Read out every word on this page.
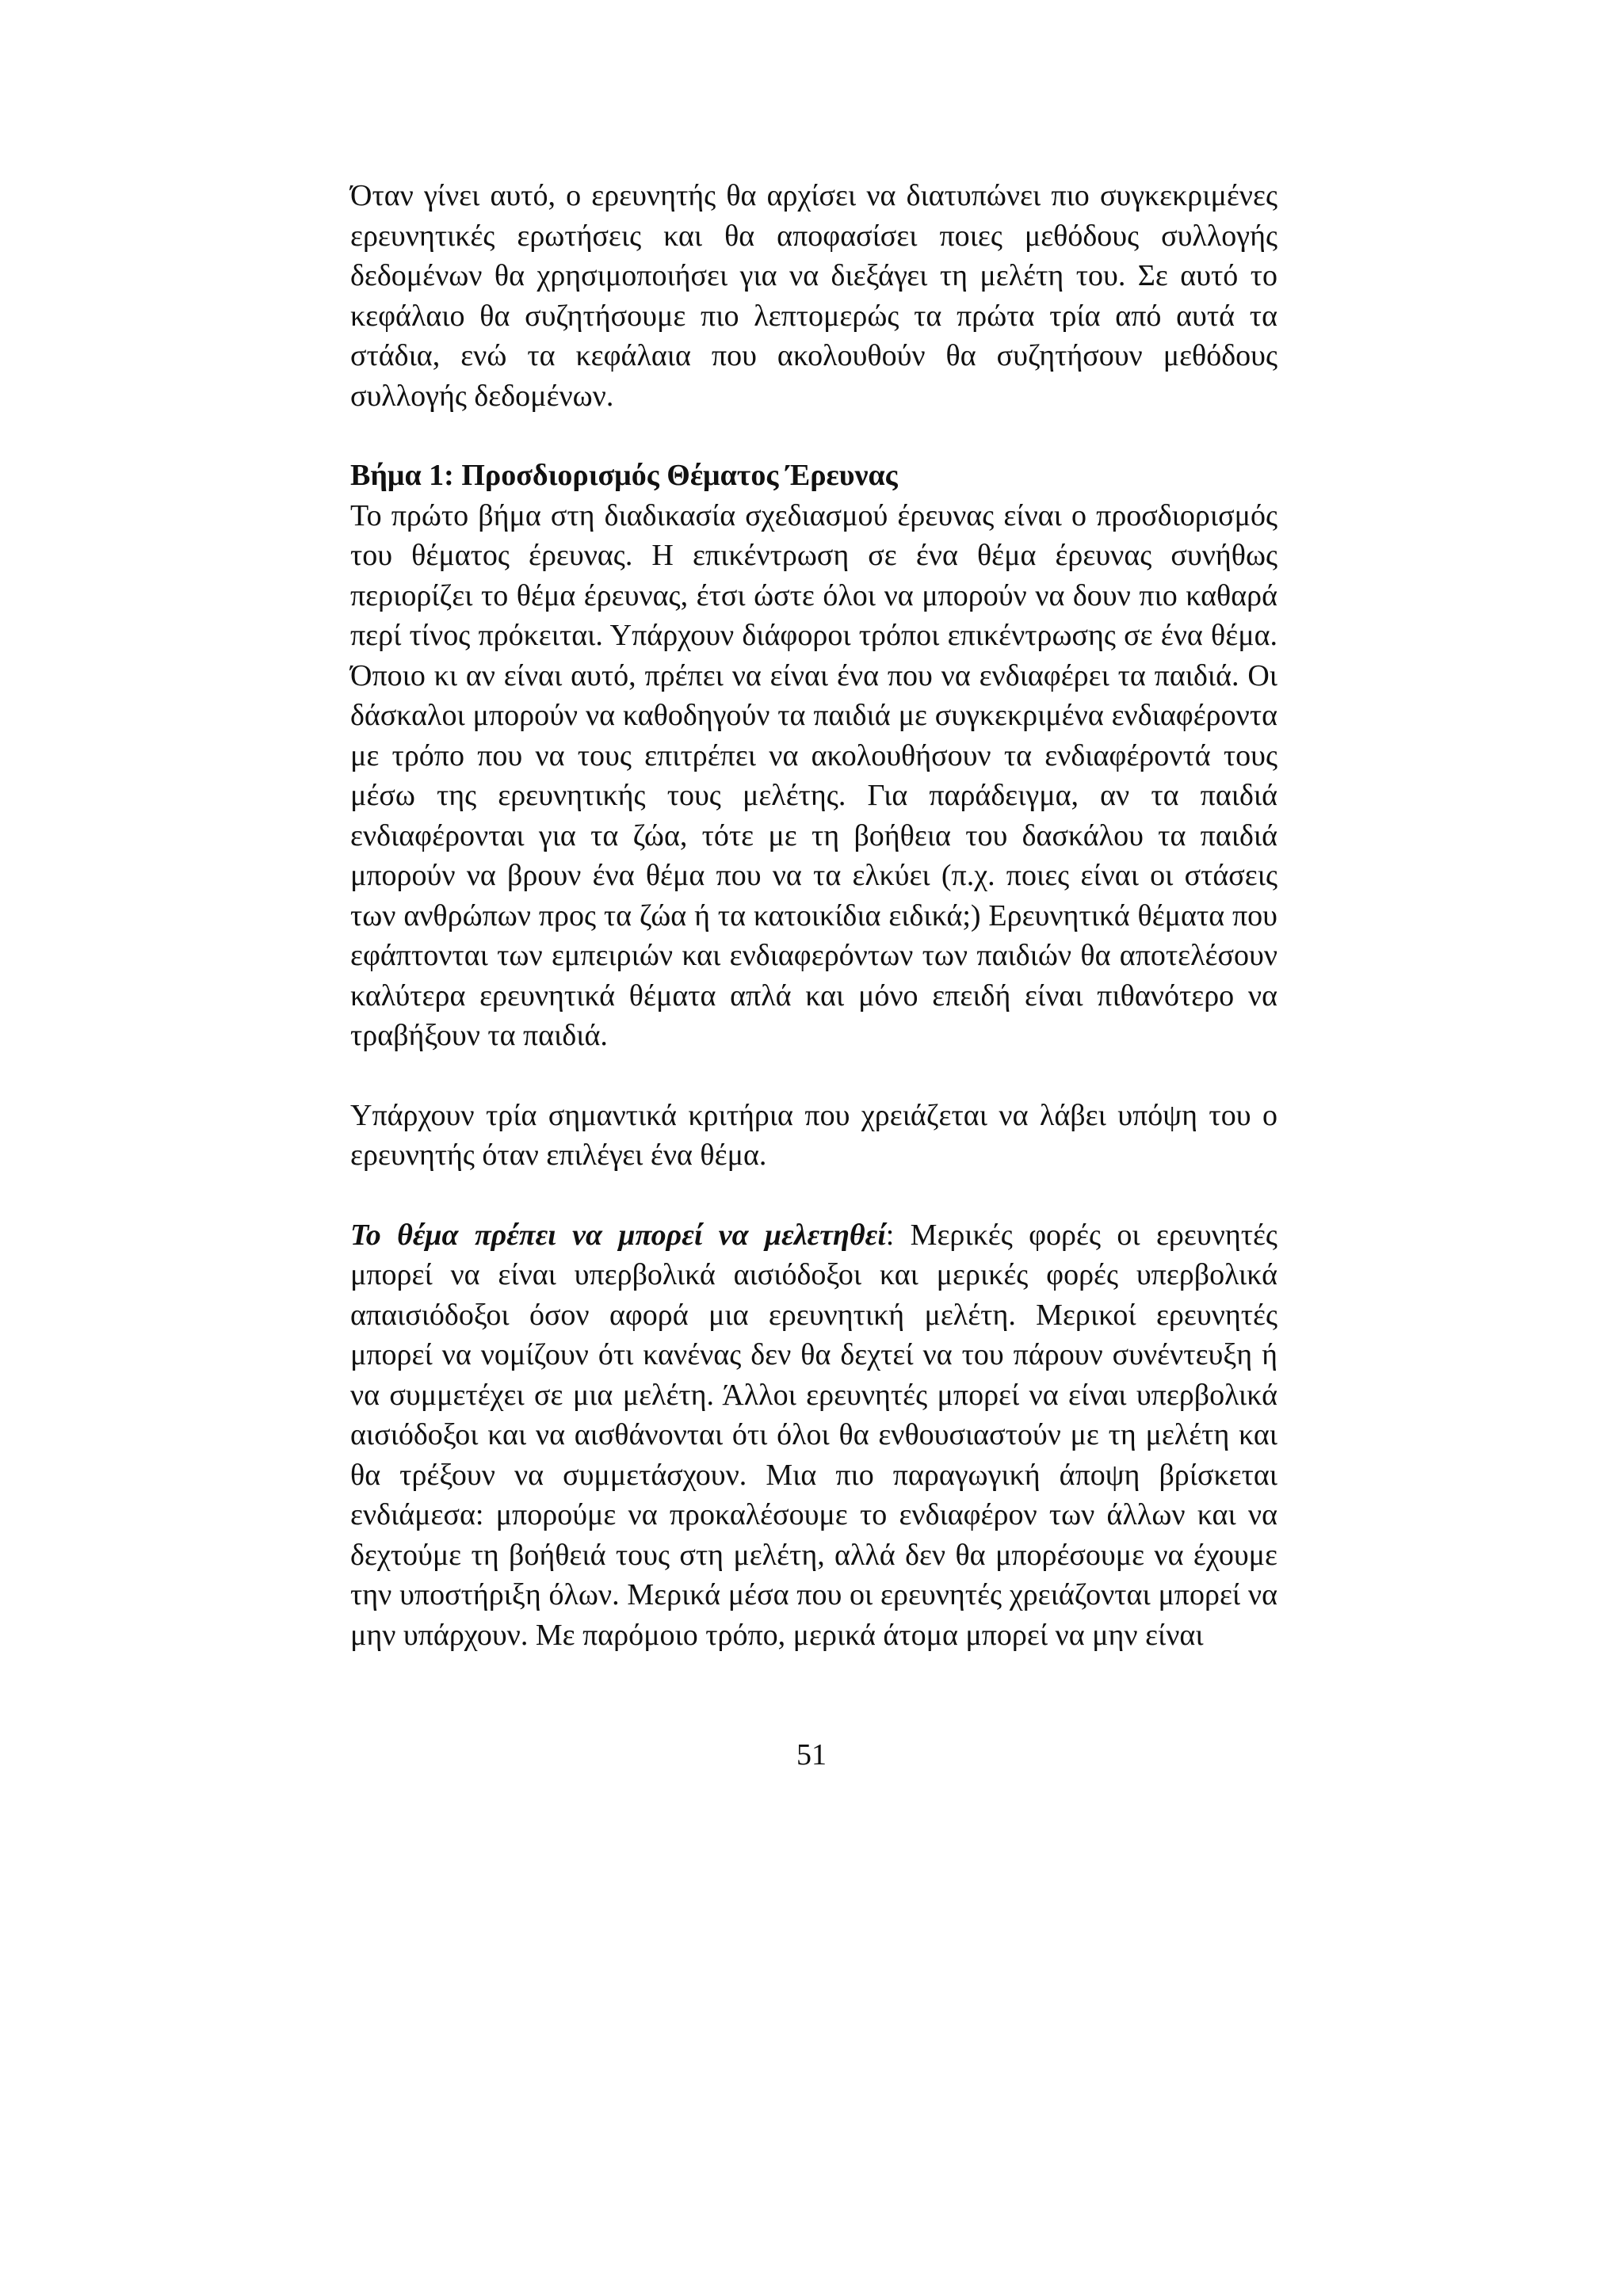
Όταν γίνει αυτό, ο ερευνητής θα αρχίσει να διατυπώνει πιο συγκεκριμένες ερευνητικές ερωτήσεις και θα αποφασίσει ποιες μεθόδους συλλογής δεδομένων θα χρησιμοποιήσει για να διεξάγει τη μελέτη του. Σε αυτό το κεφάλαιο θα συζητήσουμε πιο λεπτομερώς τα πρώτα τρία από αυτά τα στάδια, ενώ τα κεφάλαια που ακολουθούν θα συζητήσουν μεθόδους συλλογής δεδομένων.

Βήμα 1: Προσδιορισμός Θέματος Έρευνας

Το πρώτο βήμα στη διαδικασία σχεδιασμού έρευνας είναι ο προσδιορισμός του θέματος έρευνας. Η επικέντρωση σε ένα θέμα έρευνας συνήθως περιορίζει το θέμα έρευνας, έτσι ώστε όλοι να μπορούν να δουν πιο καθαρά περί τίνος πρόκειται. Υπάρχουν διάφοροι τρόποι επικέντρωσης σε ένα θέμα. Όποιο κι αν είναι αυτό, πρέπει να είναι ένα που να ενδιαφέρει τα παιδιά. Οι δάσκαλοι μπορούν να καθοδηγούν τα παιδιά με συγκεκριμένα ενδιαφέροντα με τρόπο που να τους επιτρέπει να ακολουθήσουν τα ενδιαφέροντά τους μέσω της ερευνητικής τους μελέτης. Για παράδειγμα, αν τα παιδιά ενδιαφέρονται για τα ζώα, τότε με τη βοήθεια του δασκάλου τα παιδιά μπορούν να βρουν ένα θέμα που να τα ελκύει (π.χ. ποιες είναι οι στάσεις των ανθρώπων προς τα ζώα ή τα κατοικίδια ειδικά;) Ερευνητικά θέματα που εφάπτονται των εμπειριών και ενδιαφερόντων των παιδιών θα αποτελέσουν καλύτερα ερευνητικά θέματα απλά και μόνο επειδή είναι πιθανότερο να τραβήξουν τα παιδιά.

Υπάρχουν τρία σημαντικά κριτήρια που χρειάζεται να λάβει υπόψη του ο ερευνητής όταν επιλέγει ένα θέμα.

Το θέμα πρέπει να μπορεί να μελετηθεί: Μερικές φορές οι ερευνητές μπορεί να είναι υπερβολικά αισιόδοξοι και μερικές φορές υπερβολικά απαισιόδοξοι όσον αφορά μια ερευνητική μελέτη. Μερικοί ερευνητές μπορεί να νομίζουν ότι κανένας δεν θα δεχτεί να του πάρουν συνέντευξη ή να συμμετέχει σε μια μελέτη. Άλλοι ερευνητές μπορεί να είναι υπερβολικά αισιόδοξοι και να αισθάνονται ότι όλοι θα ενθουσιαστούν με τη μελέτη και θα τρέξουν να συμμετάσχουν. Μια πιο παραγωγική άποψη βρίσκεται ενδιάμεσα: μπορούμε να προκαλέσουμε το ενδιαφέρον των άλλων και να δεχτούμε τη βοήθειά τους στη μελέτη, αλλά δεν θα μπορέσουμε να έχουμε την υποστήριξη όλων. Μερικά μέσα που οι ερευνητές χρειάζονται μπορεί να μην υπάρχουν. Με παρόμοιο τρόπο, μερικά άτομα μπορεί να μην είναι

51
